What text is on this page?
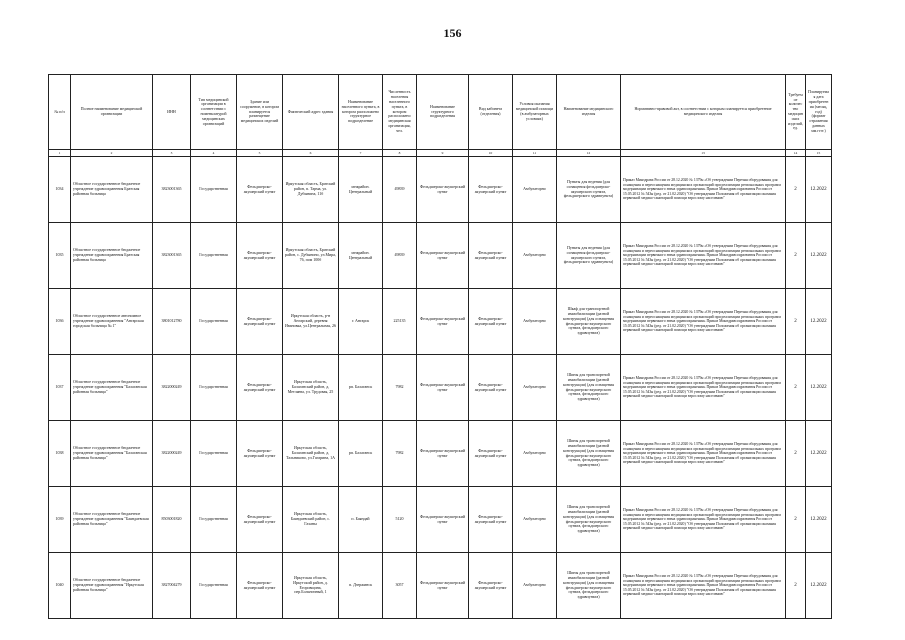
156
№ п/п	Полное наименование медицинской организации	ИНН	Тип медицинской организации в соответствии с номенклатурой медицинских организаций	Здание или сооружение, в котором планируется размещение медицинских изделий	Фактический адрес здания	Наименование населенного пункта, в котором расположено структурное подразделение	Численность населения населенного пункта, в котором расположено медицинская организация, чел.	Наименование структурного подразделения	Вид кабинета (отделения)	Условия оказания медицинской помощи (в амбулаторных условиях)	Наименование медицинского изделия	Нормативно-правовой акт, в соответствии с которым планируется приобретение медицинского изделия	Требуемое количество медицинских изделий, ед.	Планируемая дата приобретения (месяц, год) (формат отражения данных мм.гггг.)
1	2	3	4	5	6	7	8	9	10	11	12	13	14	15
1034	Областное государственное бюджетное учреждение здравоохранения Братская районная больница	3823001365	Государственная	Фельдшерско-акушерский пункт	Иркутская область, Братский район, п. Тарма, ул. Дубынина, 11б	межрайон. Центральный	49839	Фельдшерско-акушерский пункт	Фельдшерско-акушерский пункт	Амбулаторно	Пункты для ведения (для оснащения фельдшерско-акушерского пункта, фельдшерского здравпункта)	Приказ Минздрава России от 28.12.2020 № 1379н «Об утверждении Перечня оборудования для оснащения и переоснащения медицинских организаций при реализации региональных программ модернизации первичного звена здравоохранения» Приказ Минздравсоцразвития России от 15.05.2012 № 543н (ред. от 21.02.2020) "Об утверждении Положения об организации оказания первичной медико-санитарной помощи взрослому населению"	2	12.2022
1035	Областное государственное бюджетное учреждение здравоохранения Братская районная больница	3823001365	Государственная	Фельдшерско-акушерский пункт	Иркутская область, Братский район, с. Дубынино, ул.Мира, 76, пом 100б	межрайон. Центральный	49839	Фельдшерско-акушерский пункт	Фельдшерско-акушерский пункт	Амбулаторно	Пункты для ведения (для оснащения фельдшерско-акушерского пункта, фельдшерского здравпункта)	Приказ Минздрава России от 28.12.2020 № 1379н «Об утверждении Перечня оборудования для оснащения и переоснащения медицинских организаций при реализации региональных программ модернизации первичного звена здравоохранения» Приказ Минздравсоцразвития России от 15.05.2012 № 543н (ред. от 21.02.2020) "Об утверждении Положения об организации оказания первичной медико-санитарной помощи взрослому населению"	2	12.2022
1036	Областное государственное автономное учреждение здравоохранения "Ангарская городская больница № 1"	3801012780	Государственная	Фельдшерско-акушерский пункт	Иркутская область, р-н Ангарский, деревня Ивановка, ул.Центральная, 26	г. Ангарск	225135	Фельдшерско-акушерский пункт	Фельдшерско-акушерский пункт	Амбулаторно	Шкаф для транспортной иммобилизации (разной конструкции) (для оснащения фельдшерско-акушерского пункта, фельдшерского здравпункта)	Приказ Минздрава России от 28.12.2020 № 1379н «Об утверждении Перечня оборудования для оснащения и переоснащения медицинских организаций при реализации региональных программ модернизации первичного звена здравоохранения» Приказ Минздравсоцразвития России от 15.05.2012 № 543н (ред. от 21.02.2020) "Об утверждении Положения об организации оказания первичной медико-санитарной помощи взрослому населению"	2	12.2022
1037	Областное государственное бюджетное учреждение здравоохранения "Балаганская районная больница"	3822000249	Государственная	Фельдшерско-акушерский пункт	Иркутская область, Балаганский район, д. Метляева, ул. Трудовая, 25	рп. Балаганск	7982	Фельдшерско-акушерский пункт	Фельдшерско-акушерский пункт	Амбулаторно	Шины для транспортной иммобилизации (разной конструкции) (для оснащения фельдшерско-акушерского пункта, фельдшерского здравпункта)	Приказ Минздрава России от 28.12.2020 № 1379н «Об утверждении Перечня оборудования для оснащения и переоснащения медицинских организаций при реализации региональных программ модернизации первичного звена здравоохранения» Приказ Минздравсоцразвития России от 15.05.2012 № 543н (ред. от 21.02.2020) "Об утверждении Положения об организации оказания первичной медико-санитарной помощи взрослому населению"	2	12.2022
1038	Областное государственное бюджетное учреждение здравоохранения "Балаганская районная больница"	3822000249	Государственная	Фельдшерско-акушерский пункт	Иркутская область, Балаганский район, д. Тальниково, ул.Гагарина, 1А	рп. Балаганск	7982	Фельдшерско-акушерский пункт	Фельдшерско-акушерский пункт	Амбулаторно	Шины для транспортной иммобилизации (разной конструкции) (для оснащения фельдшерско-акушерского пункта, фельдшерского здравпункта)	Приказ Минздрава России от 28.12.2020 № 1379н «Об утверждении Перечня оборудования для оснащения и переоснащения медицинских организаций при реализации региональных программ модернизации первичного звена здравоохранения» Приказ Минздравсоцразвития России от 15.05.2012 № 543н (ред. от 21.02.2020) "Об утверждении Положения об организации оказания первичной медико-санитарной помощи взрослому населению"	2	12.2022
1039	Областное государственное бюджетное учреждение здравоохранения "Баяндаевская районная больница"	8503001820	Государственная	Фельдшерско-акушерский пункт	Иркутская область, Баяндаевский район, с. Гаханы	п. Баяндай	5120	Фельдшерско-акушерский пункт	Фельдшерско-акушерский пункт	Амбулаторно	Шины для транспортной иммобилизации (разной конструкции) (для оснащения фельдшерско-акушерского пункта, фельдшерского здравпункта)	Приказ Минздрава России от 28.12.2020 № 1379н «Об утверждении Перечня оборудования для оснащения и переоснащения медицинских организаций при реализации региональных программ модернизации первичного звена здравоохранения» Приказ Минздравсоцразвития России от 15.05.2012 № 543н (ред. от 21.02.2020) "Об утверждении Положения об организации оказания первичной медико-санитарной помощи взрослому населению"	2	12.2022
1040	Областное государственное бюджетное учреждение здравоохранения "Иркутская районная больница"	3827004279	Государственная	Фельдшерско-акушерский пункт	Иркутская область, Иркутский район, д. Егоровщина, пер.Больничный, 1	п. Дзержинск	3057	Фельдшерско-акушерский пункт	Фельдшерско-акушерский пункт	Амбулаторно	Шины для транспортной иммобилизации (разной конструкции) (для оснащения фельдшерско-акушерского пункта, фельдшерского здравпункта)	Приказ Минздрава России от 28.12.2020 № 1379н «Об утверждении Перечня оборудования для оснащения и переоснащения медицинских организаций при реализации региональных программ модернизации первичного звена здравоохранения» Приказ Минздравсоцразвития России от 15.05.2012 № 543н (ред. от 21.02.2020) "Об утверждении Положения об организации оказания первичной медико-санитарной помощи взрослому населению"	2	12.2022
